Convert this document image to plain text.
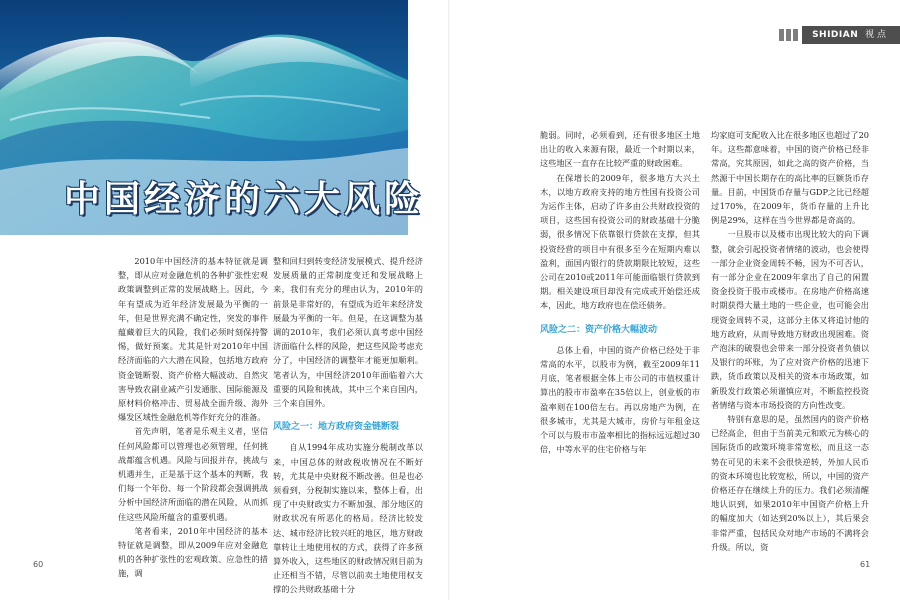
中国经济的六大风险

2010年中国经济的基本特征就是调整，即从应对金融危机的各种扩张性宏观政策调整到正常的发展战略上。因此，今年有望成为近年经济发展最为平衡的一年，但是世界充满不确定性，突发的事件蕴藏着巨大的风险，我们必须时刻保持警惕，做好预案。尤其是针对2010年中国经济面临的六大潜在风险，包括地方政府资金链断裂、资产价格大幅波动、自然灾害导致农副业减产引发通胀、国际能源及原材料价格冲击、贸易战全面升级、海外爆发区域性金融危机等作好充分的准备。

首先声明，笔者是乐观主义者，坚信任何风险都可以管理也必须管理，任何挑战都蕴含机遇。风险与回报并存，挑战与机遇并生，正是基于这个基本的判断，我们每一个年份、每一个阶段都会强调挑战分析中国经济所面临的潜在风险，从而抓住这些风险所蕴含的重要机遇。

笔者看来，2010年中国经济的基本特征就是调整，即从2009年应对金融危机的各种扩张性的宏观政策、应急性的措施，调

整和回归到转变经济发展模式、提升经济发展质量的正常制度变迁和发展战略上来，我们有充分的理由认为，2010年的前景是非常好的，有望成为近年来经济发展最为平衡的一年。但是，在这调整为基调的2010年，我们必须认真考虑中国经济面临什么样的风险，把这些风险考虑充分了，中国经济的调整年才能更加顺利。笔者认为，中国经济2010年面临着六大重要的风险和挑战，其中三个来自国内，三个来自国外。

风险之一：地方政府资金链断裂

自从1994年成功实施分税制改革以来，中国总体的财政税收情况在不断好转，尤其是中央财税不断改善。但是也必须看到，分税制实施以来，整体上看，出现了中央财政实力不断加强、部分地区的财政状况有所恶化的格局。经济比较发达、城市经济比较兴旺的地区，地方财政靠转让土地使用权的方式，获得了许多预算外收入，这些地区的财政情况则目前为止还相当不错，尽管以前卖土地使用权支撑的公共财政基础十分

60
SHIDIAN 视 点
61

脆弱。同时，必须看到，还有很多地区土地出让的收入来源有限，最近一个时期以来，这些地区一直存在比较严重的财政困难。

在保增长的2009年，很多地方大兴土木，以地方政府支持的地方性国有投资公司为运作主体，启动了许多由公共财政投资的项目，这些国有投资公司的财政基础十分脆弱，很多情况下依靠银行贷款在支撑，但其投资经营的项目中有很多至今在短期内难以盈利，面国内银行的贷款期限比较短，这些公司在2010或2011年可能面临银行贷款到期。相关建设项目却没有完成或开始偿还成本，因此，地方政府也在偿还债务。

风险之二：资产价格大幅波动

总体上看，中国的资产价格已经处于非常高的水平，以股市为例，截至2009年11月底，笔者根据全体上市公司的市值权重计算出的股市市盈率在35倍以上，创业板的市盈率则在100倍左右。再以房地产为例，在很多城市，尤其是大城市，房价与年租金这个可以与股市市盈率相比的指标远远超过30倍，中等水平的住宅价格与年

均家庭可支配收入比在很多地区也超过了20年。这些都意味着，中国的资产价格已经非常高，究其原因，如此之高的资产价格，当然源于中国长期存在的高比率的巨额货币存量。目前，中国货币存量与GDP之比已经超过170%，在2009年，货币存量的上升比例是29%，这样在当今世界都是奇高的。

一旦股市以及楼市出现比较大的向下调整，就会引起投资者情绪的波动，也会使得一部分企业资金周转不畅，因为不可否认，有一部分企业在2009年拿出了自己的闲置资金投资于股市或楼市。在房地产价格高速时期获得大量土地的一些企业，也可能会出现资金周转不灵，这部分主体又将追讨他的地方政府，从而导致地方财政出现困难。资产泡沫的破裂也会带来一部分投资者负债以及银行的坏账，为了应对资产价格的迅速下跌，货币政策以及相关的资本市场政策，如新股发行政策必须谨慎应对，不断监控投资者情绪与资本市场投资的方向性改变。

特别有意思的是，虽然国内的资产价格已经高企，但由于当前美元和欧元为核心的国际货币的政策环境非常宽松，而且这一态势在可见的未来不会很快逆转，外加人民币的资本环境也比较宽松，所以，中国的资产价格还存在继续上升的压力。我们必须清醒地认识到，如果2010年中国资产价格上升的幅度加大（如达到20%以上），其后果会非常严重，包括民众对地产市场的不满将会升级。所以，资
